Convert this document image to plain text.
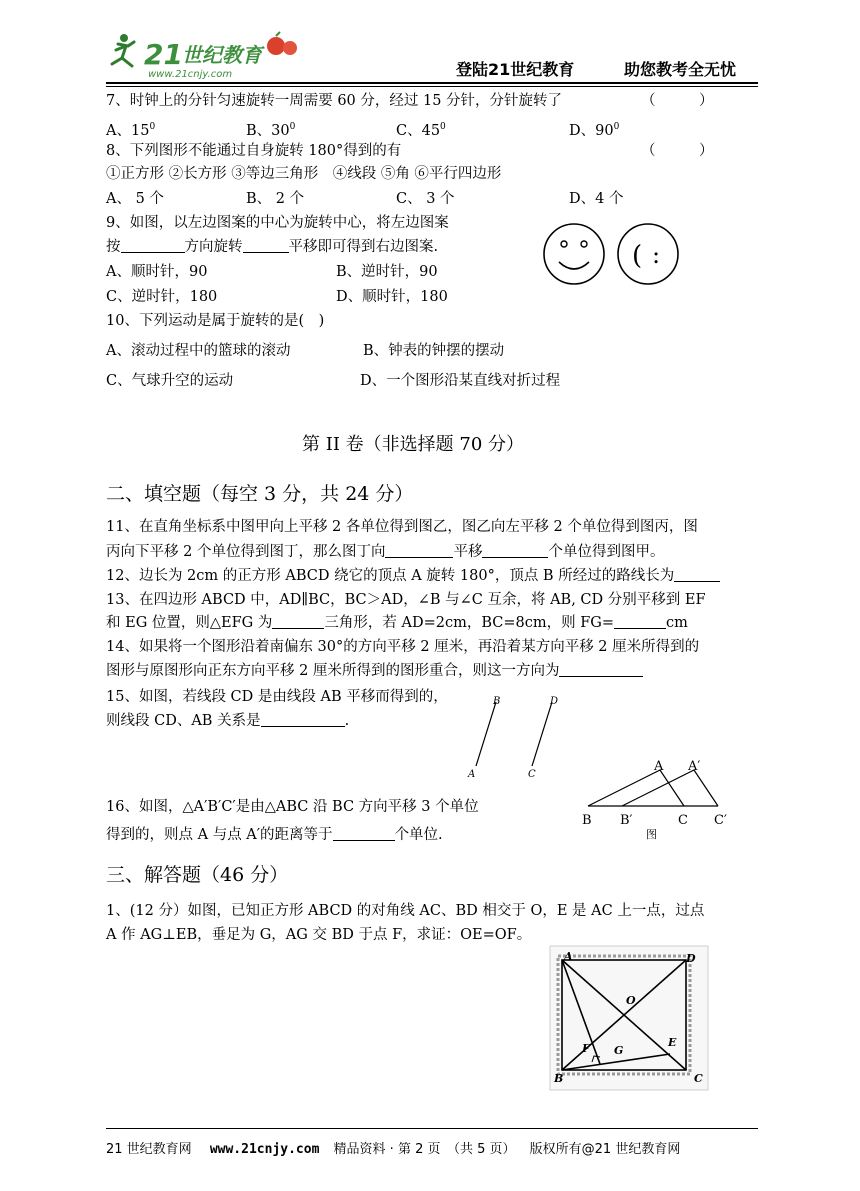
21 世纪教育
www.21cnjy.com	登陆21世纪教育	助您教考全无忧
7、时钟上的分针匀速旋转一周需要 60 分，经过 15 分针，分针旋转了	（　　　）
A、$15^0$	B、$30^0$	C、$45^0$	D、$90^0$
8、下列图形不能通过自身旋转 180°得到的有	（　　　）
①正方形 ②长方形 ③等边三角形　④线段 ⑤角 ⑥平行四边形
A、 5 个	B、 2 个	C、 3 个	D、4 个
9、如图，以左边图案的中心为旋转中心，将左边图案
按	方向旋转	平移即可得到右边图案.
A、顺时针，90	B、逆时针，90
C、逆时针，180	D、顺时针，180
( :
10、下列运动是属于旋转的是(　)
A、滚动过程中的篮球的滚动	B、钟表的钟摆的摆动
C、气球升空的运动	D、一个图形沿某直线对折过程
第 II 卷（非选择题 70 分）
二、填空题（每空 3 分，共 24 分）
11、在直角坐标系中图甲向上平移 2 各单位得到图乙，图乙向左平移 2 个单位得到图丙，图
丙向下平移 2 个单位得到图丁，那么图丁向	平移	个单位得到图甲。
12、边长为 2cm 的正方形 ABCD 绕它的顶点 A 旋转 180°，顶点 B 所经过的路线长为
13、在四边形 ABCD 中，AD∥BC，BC＞AD，∠B 与∠C 互余，将 AB, CD 分别平移到 EF
和 EG 位置，则△EFG 为	三角形，若 AD=2cm，BC=8cm，则 FG=	cm
14、如果将一个图形沿着南偏东 30°的方向平移 2 厘米，再沿着某方向平移 2 厘米所得到的
图形与原图形向正东方向平移 2 厘米所得到的图形重合，则这一方向为
15、如图，若线段 CD 是由线段 AB 平移而得到的，
则线段 CD、AB 关系是	.
B	D
A	C
16、如图，△A′B′C′是由△ABC 沿 BC 方向平移 3 个单位
得到的，则点 A 与点 A′的距离等于	个单位.
A A′
B B′	C C′
图
三、解答题（46 分）
1、(12 分）如图，已知正方形 ABCD 的对角线 AC、BD 相交于 O，E 是 AC 上一点，过点
A 作 AG⊥EB，垂足为 G，AG 交 BD 于点 F，求证：OE=OF。
A	D
O
F G
E
B	C
21 世纪教育网 www.21cnjy.com 精品资料 · 第 2 页　（共 5 页） 版权所有@21 世纪教育网
